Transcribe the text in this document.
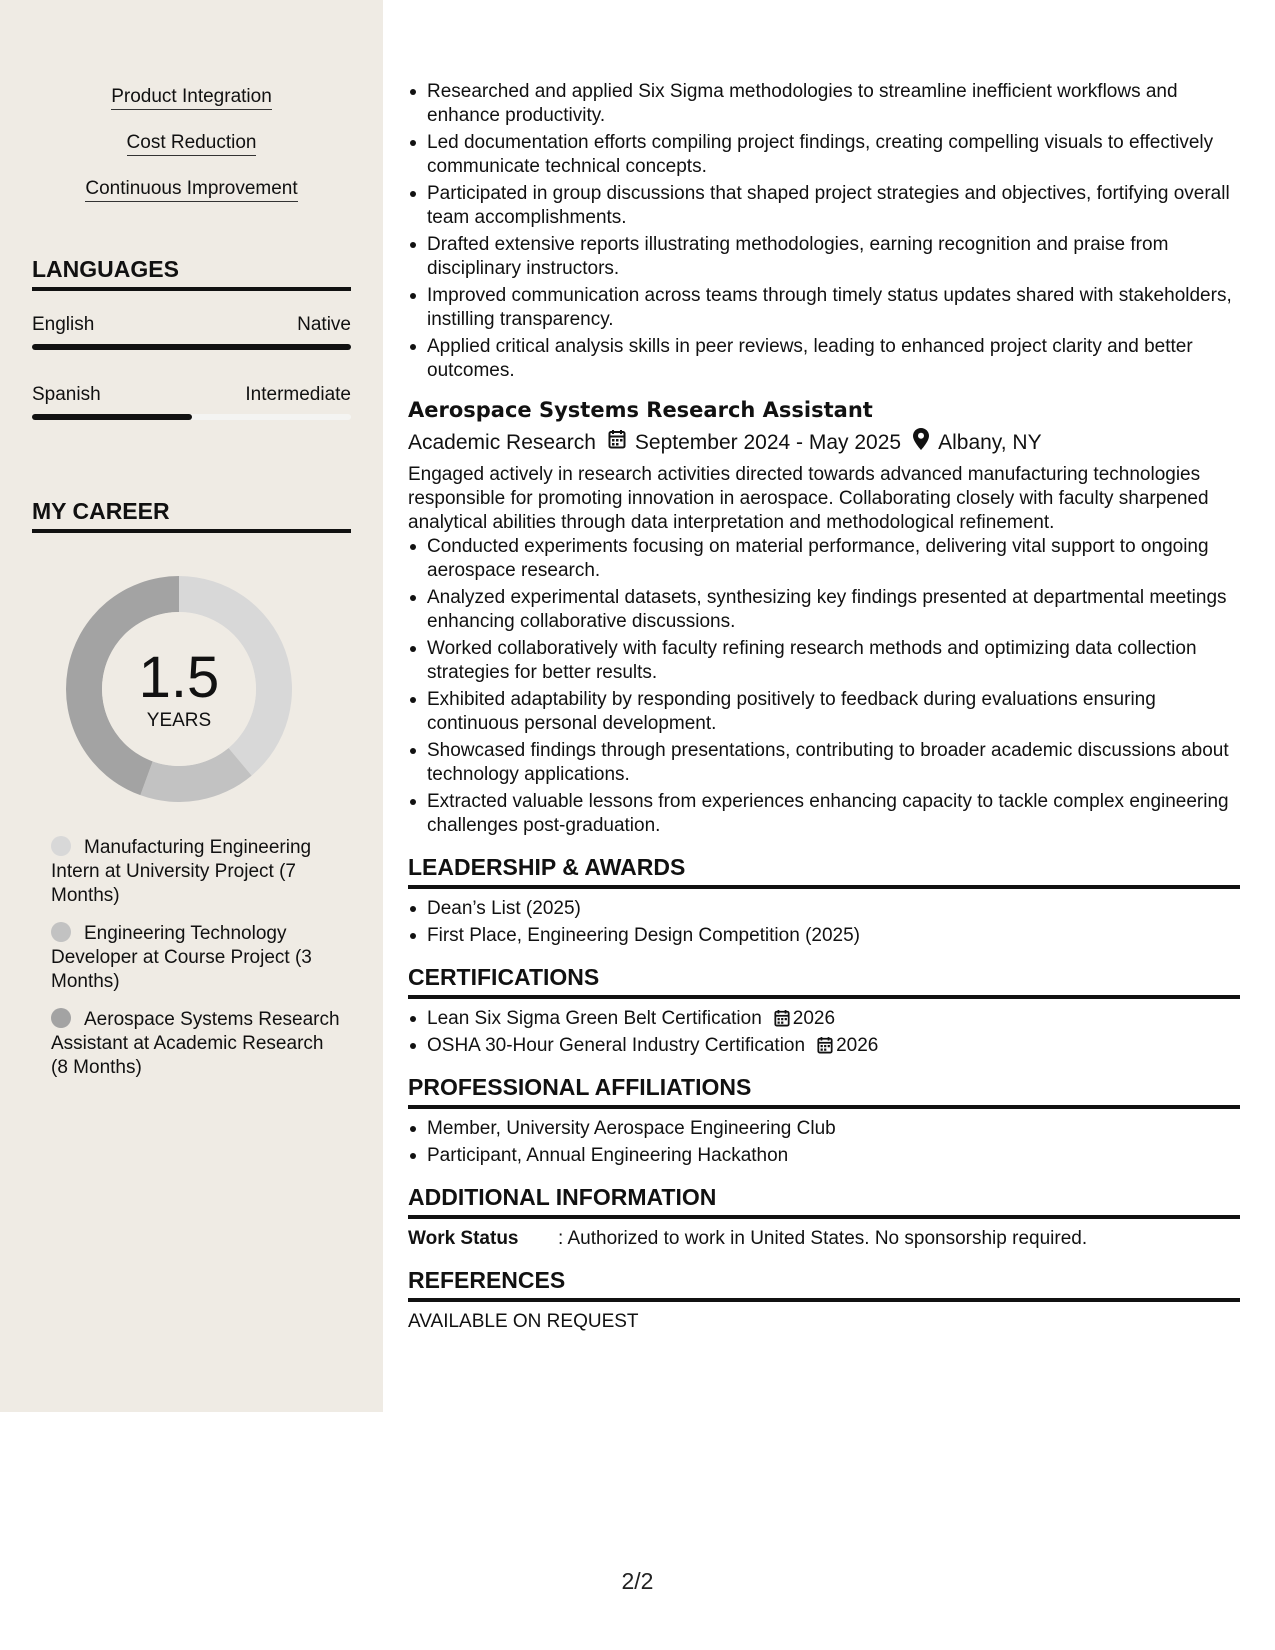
Product Integration
Cost Reduction
Continuous Improvement
LANGUAGES
English	Native
Spanish	Intermediate
MY CAREER
1.5
YEARS
Manufacturing Engineering Intern at University Project (7 Months)
Engineering Technology Developer at Course Project (3 Months)
Aerospace Systems Research Assistant at Academic Research (8 Months)
Researched and applied Six Sigma methodologies to streamline inefficient workflows and enhance productivity.
Led documentation efforts compiling project findings, creating compelling visuals to effectively communicate technical concepts.
Participated in group discussions that shaped project strategies and objectives, fortifying overall team accomplishments.
Drafted extensive reports illustrating methodologies, earning recognition and praise from disciplinary instructors.
Improved communication across teams through timely status updates shared with stakeholders, instilling transparency.
Applied critical analysis skills in peer reviews, leading to enhanced project clarity and better outcomes.
Aerospace Systems Research Assistant
Academic Research September 2024 - May 2025 Albany, NY
Engaged actively in research activities directed towards advanced manufacturing technologies responsible for promoting innovation in aerospace. Collaborating closely with faculty sharpened analytical abilities through data interpretation and methodological refinement.
Conducted experiments focusing on material performance, delivering vital support to ongoing aerospace research.
Analyzed experimental datasets, synthesizing key findings presented at departmental meetings enhancing collaborative discussions.
Worked collaboratively with faculty refining research methods and optimizing data collection strategies for better results.
Exhibited adaptability by responding positively to feedback during evaluations ensuring continuous personal development.
Showcased findings through presentations, contributing to broader academic discussions about technology applications.
Extracted valuable lessons from experiences enhancing capacity to tackle complex engineering challenges post-graduation.
LEADERSHIP & AWARDS
Dean’s List (2025)
First Place, Engineering Design Competition (2025)
CERTIFICATIONS
Lean Six Sigma Green Belt Certification 2026
OSHA 30-Hour General Industry Certification 2026
PROFESSIONAL AFFILIATIONS
Member, University Aerospace Engineering Club
Participant, Annual Engineering Hackathon
ADDITIONAL INFORMATION
Work Status	: Authorized to work in United States. No sponsorship required.
REFERENCES
AVAILABLE ON REQUEST
2/2
